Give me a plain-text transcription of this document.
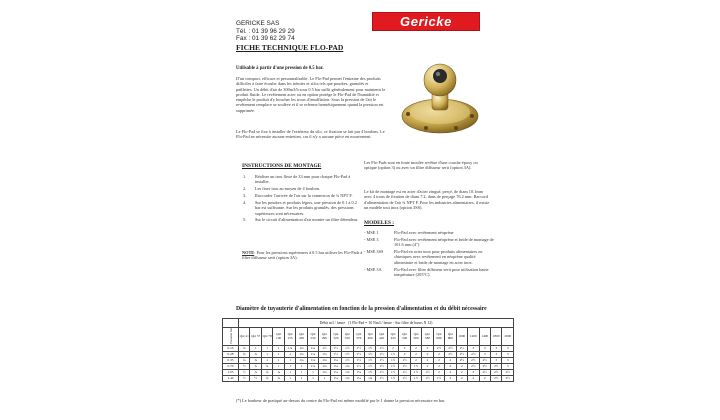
GERICKE SAS
Tél. : 01 39 96 29 29
Fax : 01 39 62 29 74
Gericke
FICHE TECHNIQUE FLO-PAD
Utilisable à partir d'une pression de 0.5 bar.
D'un compact, efficace et personnalisable. Le Flo-Pad permet l'entraine des produits difficiles à faire écouler dans les trémies et silos tels que poudres, granulés et paillettes. Un débit d'air de 300m3/h sous 0.5 bar suffit généralement pour maintenir le produit fluide. Le revêtement acier ou en option protège le Flo-Pad de l'humidité et empêche le produit d'y boucher les trous d'insufflation. Sous la pression de l'air le revêtement remplace se soulève et il se referme hermétiquement quand la pression est supprimée.
Le Flo-Pad se fixe à installer de l'extérieur du silo, ce fixation se fait par 4 boulons. Le Flo-Pad ne nécessite aucune entretien, car il n'y a aucune pièce en mouvement.
INSTRUCTIONS DE MONTAGE
1.	Réaliser un trou flexe de 33 mm pour chaque Flo-Pad à installer.
2.	Les fixer trou au moyen de 4 boulons.
3.	Raccorder l'arrivée de l'air sur la connexion de ¾ NPT F.
4.	Sur les poudres et produits légers, une pression de 0.1 à 0.2 bar est suffisante. Sur les produits granulés, des pressions supérieures sont nécessaires.
5.	Sur le circuit d'alimentation d'air monter un filtre détendeur.
NOTE: Pour les pressions supérieures à 0.5 bar utiliser les Flo-Pads à filtre diffuseur serti (option 3A).
Les Flo-Pads sont en fonte moulée revêtue d'une couche époxy ou optique (option 3) ou avec un filtre diffuseur serti (option 3A).
Le kit de montage est en acier d'acier zingué, perçé, de diam 10.1mm avec 4 trous de fixation de diam 7.2, dans de perçage 76.2 mm. Raccord d'alimentation de l'air ¾ NPT F. Pour les industries alimentaires, il existe un modèle tout inox (option 3SS).
MODELES :
- MSE 1	Flo-Pad avec revêtement néoprène
- MSE 3	Flo-Pad avec revêtement néoprène et bride de montage de 101.6 mm (4")
- MSE 3SS	Flo-Pad en acier inox pour produits alimentaires ou chimiques avec revêtement en néoprène qualité alimentaire et bride de montage en acier inox.
- MSE 3A	Flo-Pad avec filtre diffuseur serti pour utilisation haute température (205°C).
Diamètre de tuyauterie d'alimentation en fonction de la pression d'alimentation et du débit nécessaire
	Débit m3 / heure (1 Flo-Pad = 10 Nm3 / heure - Sur filtre de buses N 12)																							
Pression bar	Qté 41	Qté 57	Qté 78	Qté 100	Qté 135	Qté 200	Qté 250	Qté 290	Qté 326	Qté 350	Qté 376	Qté 400	Qté 420	Qté 445	Qté 506	Qté 560	Qté 580	Qté 699	Qté 800	1000	1200	1400	1800	2000
0.14	¾	1	1	1	1¼	1¼	1¼	1½	1½	1½	1½	1½	1½	2	2	2	2	2½	2½	2½	3	3	3	3
0.28	¾	¾	1	1	1	1¼	1¼	1¼	1½	1½	1½	1½	1½	1½	2	2	2	2	2½	2½	2½	3	3	3
0.35	¾	¾	1	1	1	1¼	1¼	1¼	1¼	1½	1½	1½	1½	1½	1½	2	2	2	2	2½	2½	2½	3	3
0.70	½	¾	¾	1	1	1	1¼	1¼	1¼	1¼	1½	1½	1½	1½	1½	1½	2	2	2	2	2½	2½	2½	3
1.05	½	¾	¾	¾	1	1	1	1¼	1¼	1¼	1¼	1½	1½	1½	1½	1½	1½	2	2	2	2	2½	2½	2½
1.40	½	½	¾	¾	1	1	1	1	1¼	1¼	1¼	1¼	1½	1½	1½	1½	1½	1½	2	2	2	2	2½	2½
(*) Le bonheur de pratiqué au-dessus du centre du Flo-Pad est même modifié par le 1 donne la pression nécessaire en bar.
